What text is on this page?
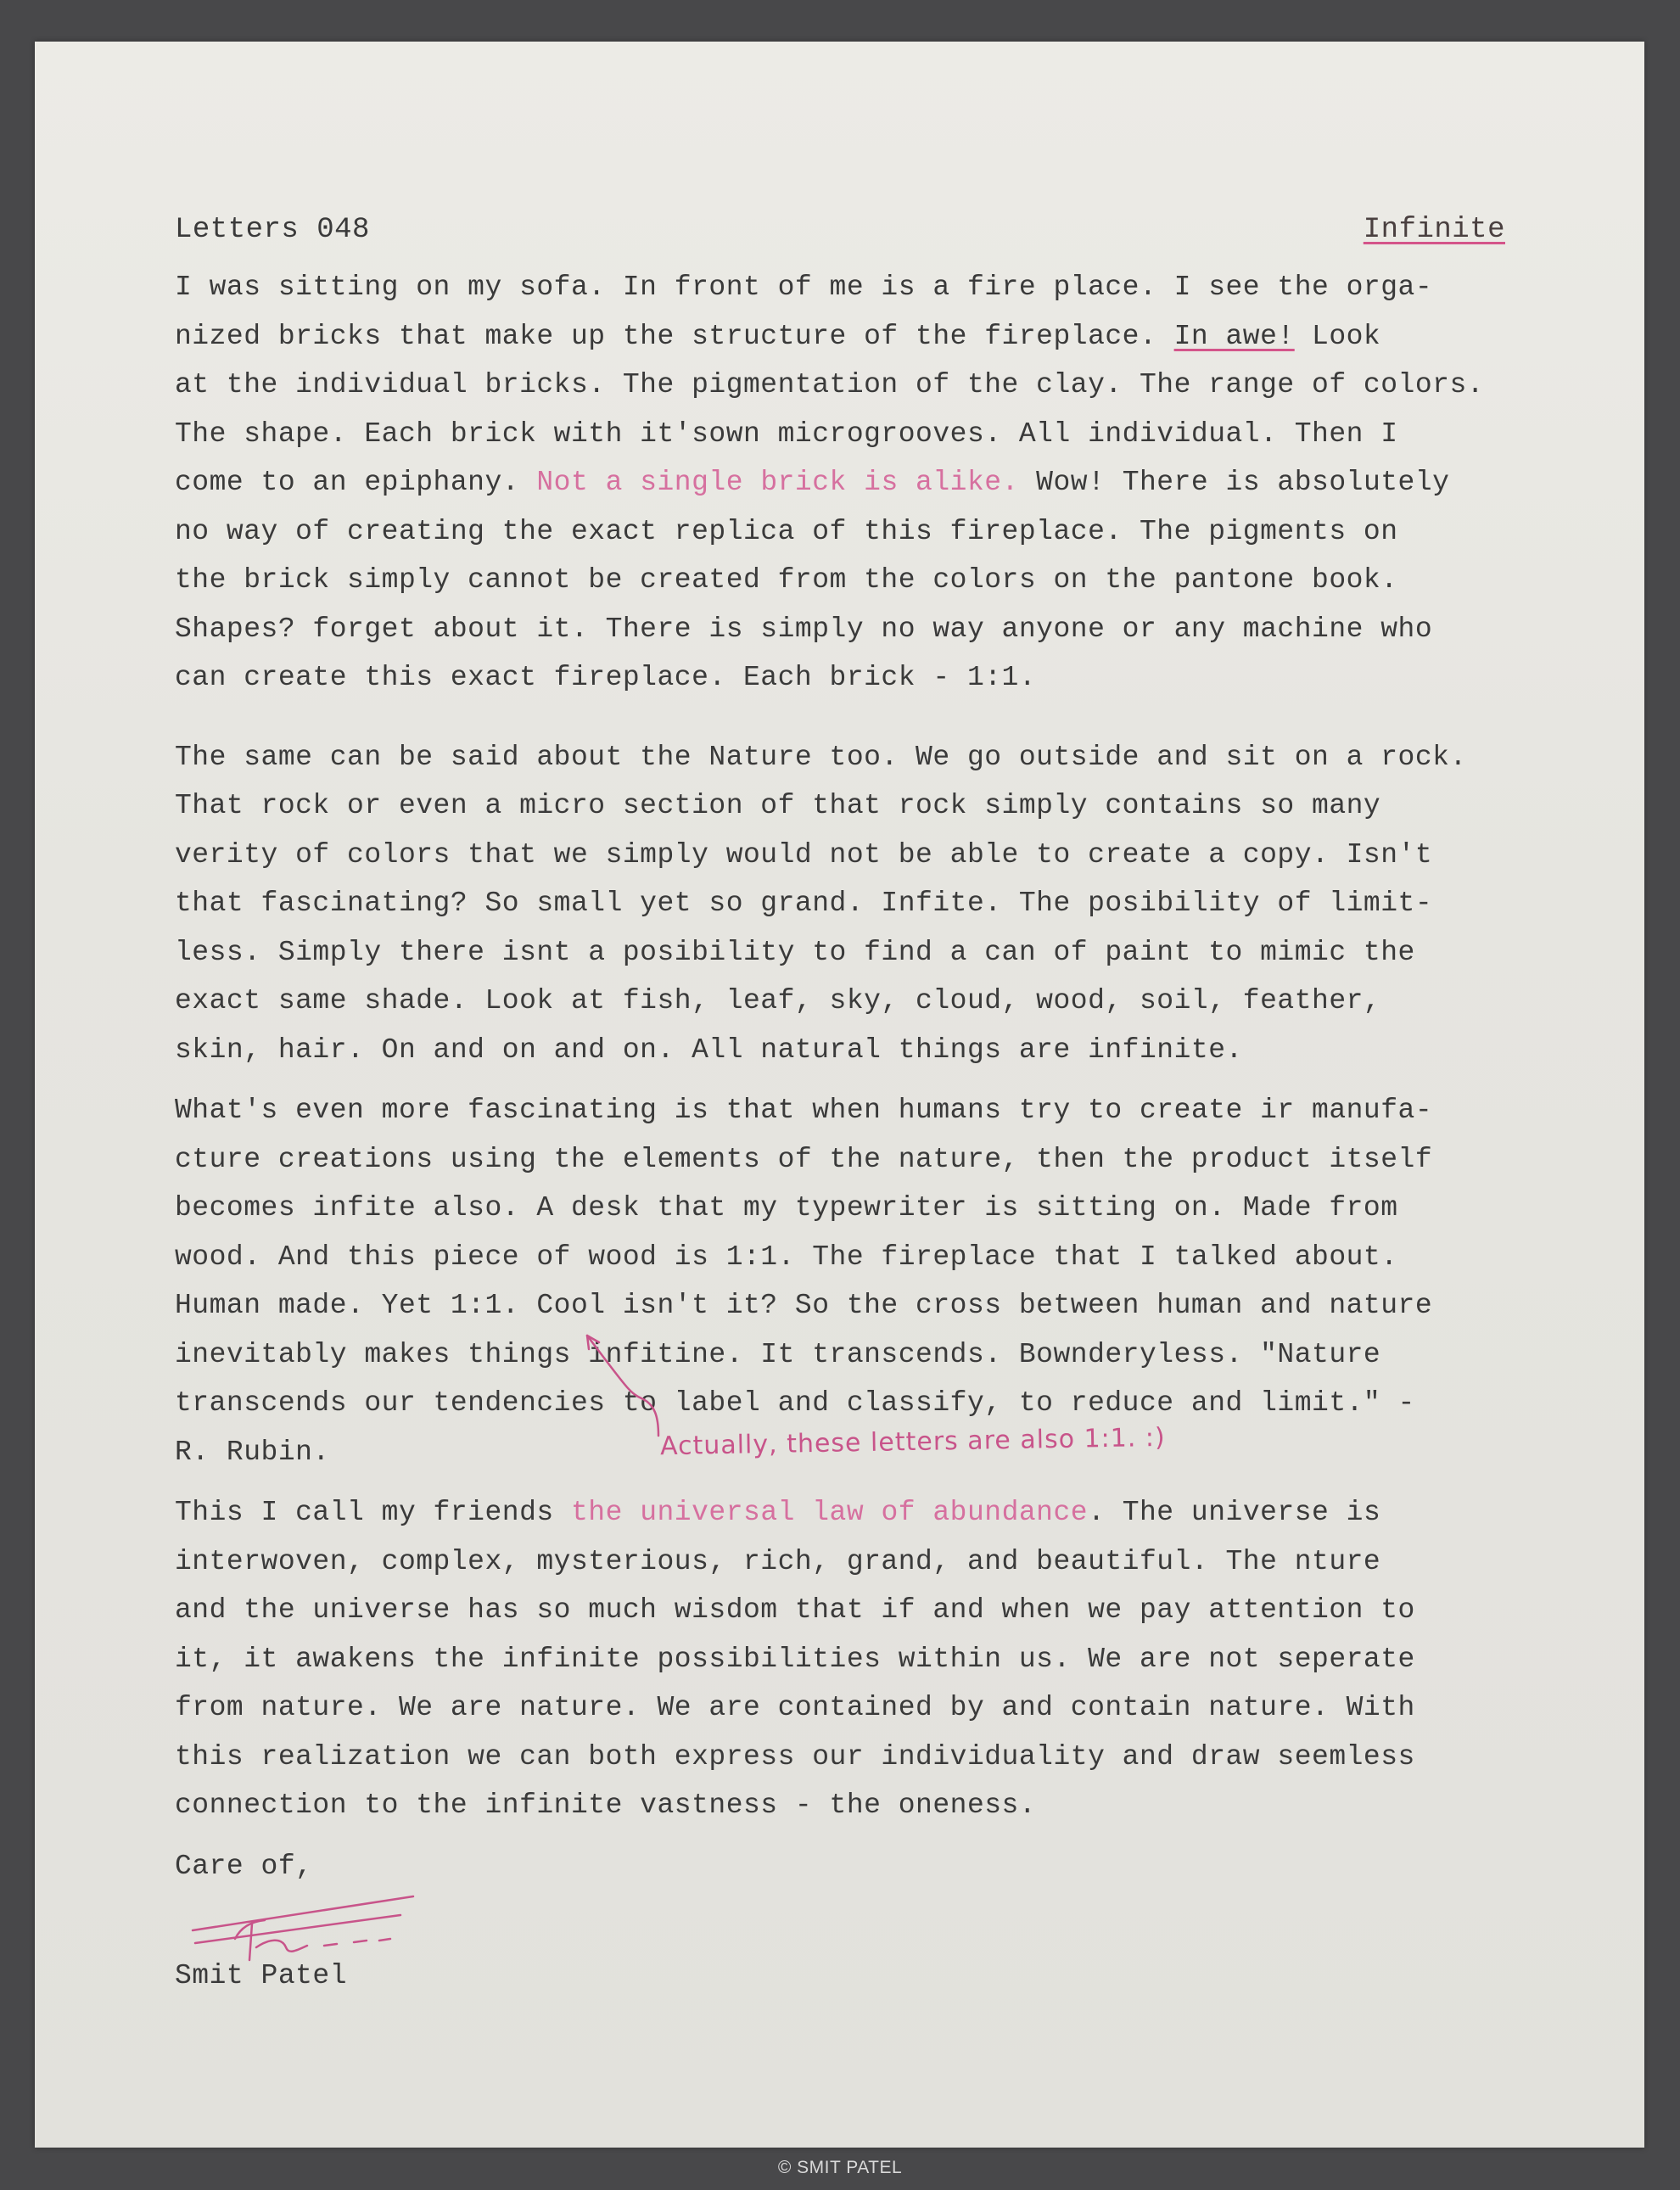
Letters 048	Infinite
I was sitting on my sofa. In front of me is a fire place. I see the orga-
nized bricks that make up the structure of the fireplace. In awe! Look
at the individual bricks. The pigmentation of the clay. The range of colors.
The shape. Each brick with it'sown microgrooves. All individual. Then I
come to an epiphany. Not a single brick is alike. Wow! There is absolutely
no way of creating the exact replica of this fireplace. The pigments on
the brick simply cannot be created from the colors on the pantone book.
Shapes? forget about it. There is simply no way anyone or any machine who
can create this exact fireplace. Each brick - 1:1.
The same can be said about the Nature too. We go outside and sit on a rock.
That rock or even a micro section of that rock simply contains so many
verity of colors that we simply would not be able to create a copy. Isn't
that fascinating? So small yet so grand. Infite. The posibility of limit-
less. Simply there isnt a posibility to find a can of paint to mimic the
exact same shade. Look at fish, leaf, sky, cloud, wood, soil, feather,
skin, hair. On and on and on. All natural things are infinite.
What's even more fascinating is that when humans try to create ir manufa-
cture creations using the elements of the nature, then the product itself
becomes infite also. A desk that my typewriter is sitting on. Made from
wood. And this piece of wood is 1:1. The fireplace that I talked about.
Human made. Yet 1:1. Cool isn't it? So the cross between human and nature
inevitably makes things infitine. It transcends. Bownderyless. "Nature
transcends our tendencies to label and classify, to reduce and limit." -
R. Rubin.
This I call my friends the universal law of abundance. The universe is
interwoven, complex, mysterious, rich, grand, and beautiful. The nture
and the universe has so much wisdom that if and when we pay attention to
it, it awakens the infinite possibilities within us. We are not seperate
from nature. We are nature. We are contained by and contain nature. With
this realization we can both express our individuality and draw seemless
connection to the infinite vastness - the oneness.
Care of,
Smit Patel
Actually, these letters are also 1:1. :)
© SMIT PATEL
